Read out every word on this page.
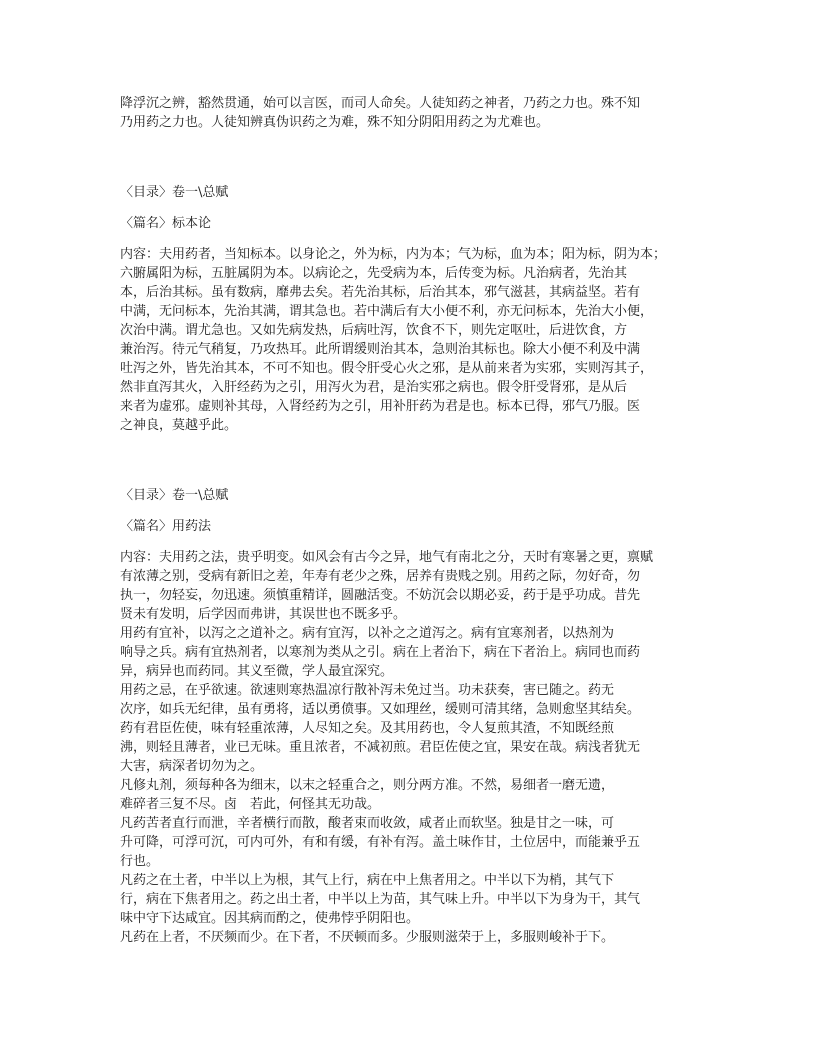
降浮沉之辨，豁然贯通，始可以言医，而司人命矣。人徒知药之神者，乃药之力也。殊不知
乃用药之力也。人徒知辨真伪识药之为难，殊不知分阴阳用药之为尤难也。
〈目录〉卷一\总赋
〈篇名〉标本论
内容：夫用药者，当知标本。以身论之，外为标，内为本；气为标，血为本；阳为标，阴为本；
六腑属阳为标，五脏属阴为本。以病论之，先受病为本，后传变为标。凡治病者，先治其
本，后治其标。虽有数病，靡弗去矣。若先治其标，后治其本，邪气滋甚，其病益坚。若有
中满，无问标本，先治其满，谓其急也。若中满后有大小便不利，亦无问标本，先治大小便，
次治中满。谓尤急也。又如先病发热，后病吐泻，饮食不下，则先定呕吐，后进饮食，方
兼治泻。待元气稍复，乃攻热耳。此所谓缓则治其本，急则治其标也。除大小便不利及中满
吐泻之外，皆先治其本，不可不知也。假令肝受心火之邪，是从前来者为实邪，实则泻其子，
然非直泻其火，入肝经药为之引，用泻火为君，是治实邪之病也。假令肝受肾邪，是从后
来者为虚邪。虚则补其母，入肾经药为之引，用补肝药为君是也。标本已得，邪气乃服。医
之神良，莫越乎此。
〈目录〉卷一\总赋
〈篇名〉用药法
内容：夫用药之法，贵乎明变。如风会有古今之异，地气有南北之分，天时有寒暑之更，禀赋
有浓薄之别，受病有新旧之差，年寿有老少之殊，居养有贵贱之别。用药之际，勿好奇，勿
执一，勿轻妄，勿迅速。须慎重精详，圆融活变。不妨沉会以期必妥，药于是乎功成。昔先
贤未有发明，后学因而弗讲，其误世也不既多乎。
用药有宜补，以泻之之道补之。病有宜泻，以补之之道泻之。病有宜寒剂者，以热剂为
响导之兵。病有宜热剂者，以寒剂为类从之引。病在上者治下，病在下者治上。病同也而药
异，病异也而药同。其义至微，学人最宜深究。
用药之忌，在乎欲速。欲速则寒热温凉行散补泻未免过当。功未获奏，害已随之。药无
次序，如兵无纪律，虽有勇将，适以勇偾事。又如理丝，缓则可清其绪，急则愈坚其结矣。
药有君臣佐使，味有轻重浓薄，人尽知之矣。及其用药也，令人复煎其渣，不知既经煎
沸，则轻且薄者，业已无味。重且浓者，不减初煎。君臣佐使之宜，果安在哉。病浅者犹无
大害，病深者切勿为之。
凡修丸剂，须每种各为细末，以末之轻重合之，则分两方准。不然，易细者一磨无遗，
难碎者三复不尽。卤　若此，何怪其无功哉。
凡药苦者直行而泄，辛者横行而散，酸者束而收敛，咸者止而软坚。独是甘之一味，可
升可降，可浮可沉，可内可外，有和有缓，有补有泻。盖土味作甘，土位居中，而能兼乎五
行也。
凡药之在土者，中半以上为根，其气上行，病在中上焦者用之。中半以下为梢，其气下
行，病在下焦者用之。药之出土者，中半以上为苗，其气味上升。中半以下为身为干，其气
味中守下达咸宜。因其病而酌之，使弗悖乎阴阳也。
凡药在上者，不厌频而少。在下者，不厌顿而多。少服则滋荣于上，多服则峻补于下。
